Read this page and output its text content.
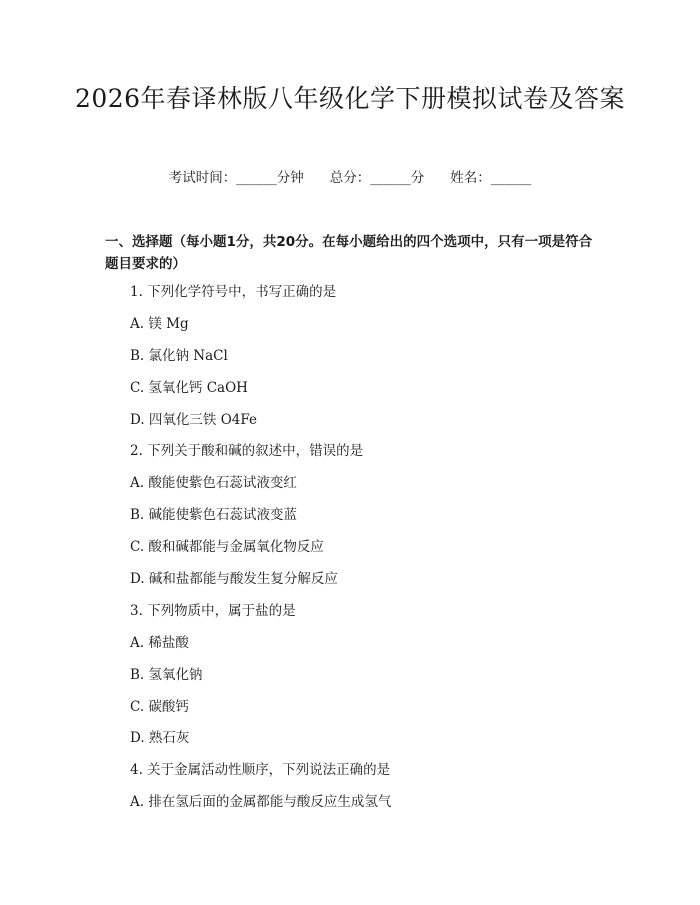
2026年春译林版八年级化学下册模拟试卷及答案
考试时间：______分钟 总分：______分 姓名：______
一、选择题（每小题1分，共20分。在每小题给出的四个选项中，只有一项是符合题目要求的）
1. 下列化学符号中，书写正确的是
A. 镁 Mg
B. 氯化钠 NaCl
C. 氢氧化钙 CaOH
D. 四氧化三铁 O4Fe
2. 下列关于酸和碱的叙述中，错误的是
A. 酸能使紫色石蕊试液变红
B. 碱能使紫色石蕊试液变蓝
C. 酸和碱都能与金属氧化物反应
D. 碱和盐都能与酸发生复分解反应
3. 下列物质中，属于盐的是
A. 稀盐酸
B. 氢氧化钠
C. 碳酸钙
D. 熟石灰
4. 关于金属活动性顺序，下列说法正确的是
A. 排在氢后面的金属都能与酸反应生成氢气
